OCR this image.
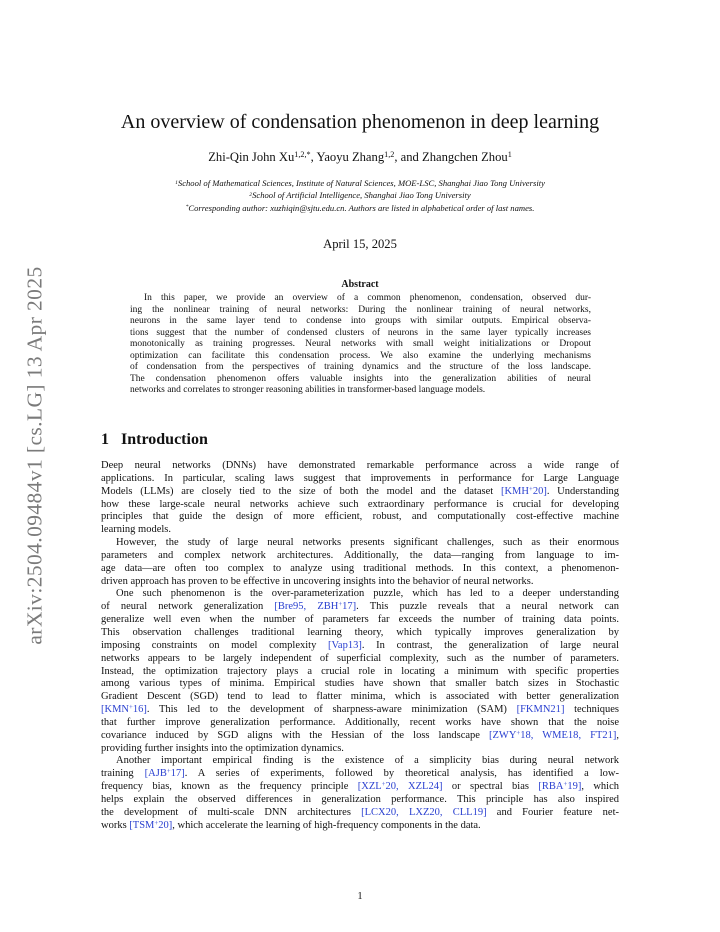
arXiv:2504.09484v1 [cs.LG] 13 Apr 2025
An overview of condensation phenomenon in deep learning
Zhi-Qin John $Xu^{1,2,*}$, Yaoyu Zhang$^{1,2}$, and Zhangchen Zhou$^1$
$^1$School of Mathematical Sciences, Institute of Natural Sciences, MOE-LSC, Shanghai Jiao Tong University
$^2$School of Artificial Intelligence, Shanghai Jiao Tong University
*Corresponding author: xuzhiqin@sjtu.edu.cn. Authors are listed in alphabetical order of last names.
April 15, 2025
Abstract
In this paper, we provide an overview of a common phenomenon, condensation, observed dur-
ing the nonlinear training of neural networks: During the nonlinear training of neural networks,
neurons in the same layer tend to condense into groups with similar outputs. Empirical observa-
tions suggest that the number of condensed clusters of neurons in the same layer typically increases
monotonically as training progresses. Neural networks with small weight initializations or Dropout
optimization can facilitate this condensation process. We also examine the underlying mechanisms
of condensation from the perspectives of training dynamics and the structure of the loss landscape.
The condensation phenomenon offers valuable insights into the generalization abilities of neural
networks and correlates to stronger reasoning abilities in transformer-based language models.
1 Introduction
Deep neural networks (DNNs) have demonstrated remarkable performance across a wide range of
applications. In particular, scaling laws suggest that improvements in performance for Large Language
Models (LLMs) are closely tied to the size of both the model and the dataset [KMH+20]. Understanding
how these large-scale neural networks achieve such extraordinary performance is crucial for developing
principles that guide the design of more efficient, robust, and computationally cost-effective machine
learning models.
However, the study of large neural networks presents significant challenges, such as their enormous
parameters and complex network architectures. Additionally, the data—ranging from language to im-
age data—are often too complex to analyze using traditional methods. In this context, a phenomenon-
driven approach has proven to be effective in uncovering insights into the behavior of neural networks.
One such phenomenon is the over-parameterization puzzle, which has led to a deeper understanding
of neural network generalization [Bre95, ZBH+17]. This puzzle reveals that a neural network can
generalize well even when the number of parameters far exceeds the number of training data points.
This observation challenges traditional learning theory, which typically improves generalization by
imposing constraints on model complexity [Vap13]. In contrast, the generalization of large neural
networks appears to be largely independent of superficial complexity, such as the number of parameters.
Instead, the optimization trajectory plays a crucial role in locating a minimum with specific properties
among various types of minima. Empirical studies have shown that smaller batch sizes in Stochastic
Gradient Descent (SGD) tend to lead to flatter minima, which is associated with better generalization
[KMN+16]. This led to the development of sharpness-aware minimization (SAM) [FKMN21] techniques
that further improve generalization performance. Additionally, recent works have shown that the noise
covariance induced by SGD aligns with the Hessian of the loss landscape [ZWY+18, WME18, FT21],
providing further insights into the optimization dynamics.
Another important empirical finding is the existence of a simplicity bias during neural network
training [AJB+17]. A series of experiments, followed by theoretical analysis, has identified a low-
frequency bias, known as the frequency principle [XZL+20, XZL24] or spectral bias [RBA+19], which
helps explain the observed differences in generalization performance. This principle has also inspired
the development of multi-scale DNN architectures [LCX20, LXZ20, CLL19] and Fourier feature net-
works [TSM+20], which accelerate the learning of high-frequency components in the data.
1
